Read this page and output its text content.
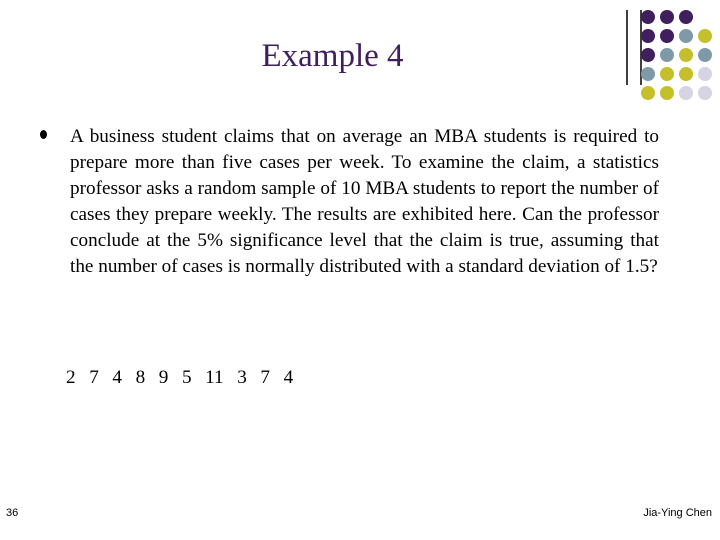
Example 4
A business student claims that on average an MBA students is required to prepare more than five cases per week. To examine the claim, a statistics professor asks a random sample of 10 MBA students to report the number of cases they prepare weekly. The results are exhibited here. Can the professor conclude at the 5% significance level that the claim is true, assuming that the number of cases is normally distributed with a standard deviation of 1.5?
2  7  4  8  9  5  11  3  7  4
36	Jia-Ying Chen
